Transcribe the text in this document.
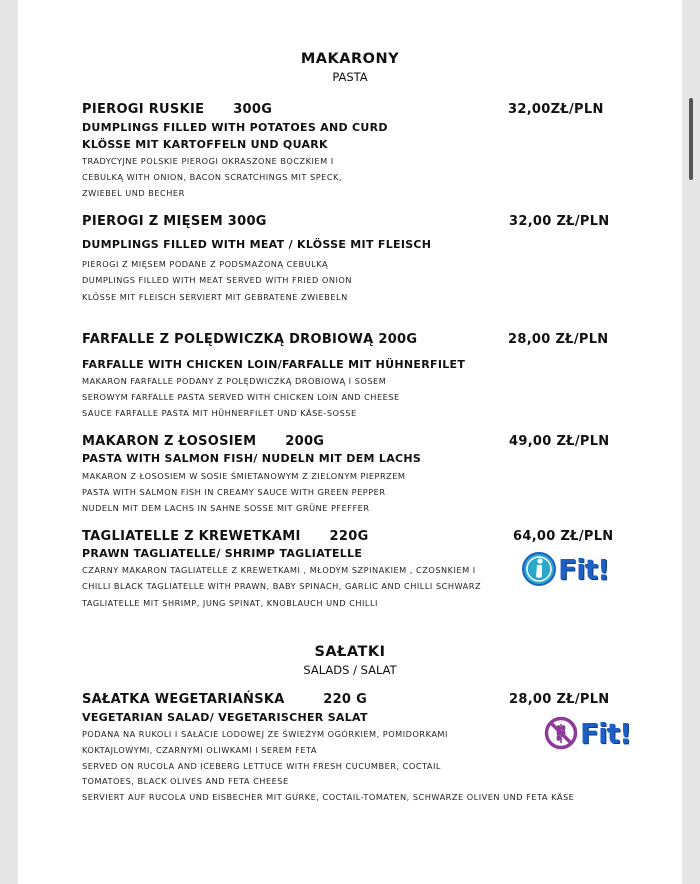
MAKARONY
PASTA
PIEROGI RUSKIE      300G	32,00ZŁ/PLN
DUMPLINGS FILLED WITH POTATOES AND CURD
KLÖSSE MIT KARTOFFELN UND QUARK
TRADYCYJNE POLSKIE PIEROGI OKRASZONE BOCZKIEM I
CEBULKĄ WITH ONION, BACON SCRATCHINGS MIT SPECK,
ZWIEBEL UND BECHER
PIEROGI Z MIĘSEM 300G	32,00 ZŁ/PLN
DUMPLINGS FILLED WITH MEAT / KLÖSSE MIT FLEISCH
PIEROGI Z MIĘSEM PODANE Z PODSMAŻONĄ CEBULKĄ
DUMPLINGS FILLED WITH MEAT SERVED WITH FRIED ONION
KLÖSSE MIT FLEISCH SERVIERT MIT GEBRATENE ZWIEBELN
FARFALLE Z POLĘDWICZKĄ DROBIOWĄ 200G	28,00 ZŁ/PLN
FARFALLE WITH CHICKEN LOIN/FARFALLE MIT HÜHNERFILET
MAKARON FARFALLE PODANY Z POLĘDWICZKĄ DROBIOWĄ I SOSEM
SEROWYM FARFALLE PASTA SERVED WITH CHICKEN LOIN AND CHEESE
SAUCE FARFALLE PASTA MIT HÜHNERFILET UND KÄSE-SOSSE
MAKARON Z ŁOSOSIEM      200G	49,00 ZŁ/PLN
PASTA WITH SALMON FISH/ NUDELN MIT DEM LACHS
MAKARON Z ŁOSOSIEM W SOSIE ŚMIETANOWYM Z ZIELONYM PIEPRZEM
PASTA WITH SALMON FISH IN CREAMY SAUCE WITH GREEN PEPPER
NUDELN MIT DEM LACHS IN SAHNE SOSSE MIT GRÜNE PFEFFER
TAGLIATELLE Z KREWETKAMI      220G	64,00 ZŁ/PLN
PRAWN TAGLIATELLE/ SHRIMP TAGLIATELLE
CZARNY MAKARON TAGLIATELLE Z KREWETKAMI , MŁODYM SZPINAKIEM , CZOSNKIEM I
CHILLI BLACK TAGLIATELLE WITH PRAWN, BABY SPINACH, GARLIC AND CHILLI SCHWARZ
TAGLIATELLE MIT SHRIMP, JUNG SPINAT, KNOBLAUCH UND CHILLI
Fit!
SAŁATKI
SALADS / SALAT
SAŁATKA WEGETARIAŃSKA        220 G	28,00 ZŁ/PLN
VEGETARIAN SALAD/ VEGETARISCHER SALAT
PODANA NA RUKOLI I SAŁACIE LODOWEJ ZE ŚWIEŻYM OGÓRKIEM, POMIDORKAMI
KOKTAJLOWYMI, CZARNYMI OLIWKAMI I SEREM FETA
SERVED ON RUCOLA AND ICEBERG LETTUCE WITH FRESH CUCUMBER, COCTAIL
TOMATOES, BLACK OLIVES AND FETA CHEESE
SERVIERT AUF RUCOLA UND EISBECHER MIT GURKE, COCTAIL-TOMATEN, SCHWARZE OLIVEN UND FETA KÄSE
Fit!
